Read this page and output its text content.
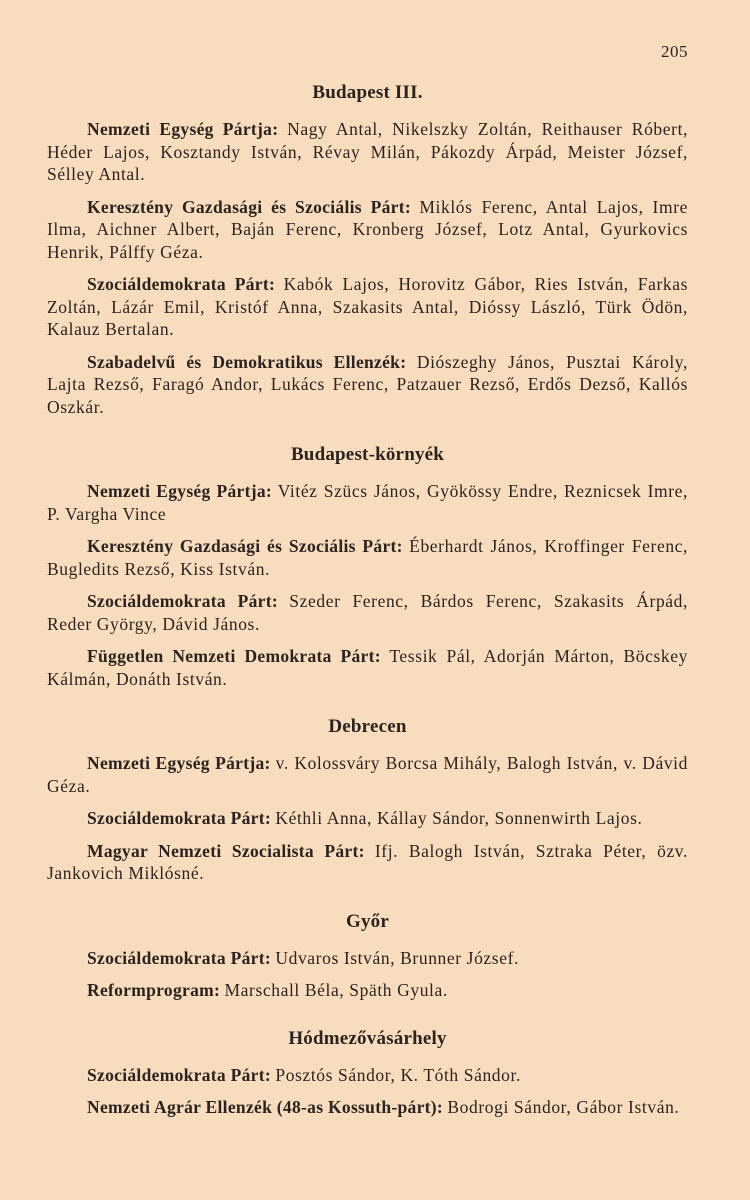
205
Budapest III.

Nemzeti Egység Pártja: Nagy Antal, Nikelszky Zoltán, Reithauser Róbert, Héder Lajos, Kosztandy István, Révay Milán, Pákozdy Árpád, Meister József, Sélley Antal.

Keresztény Gazdasági és Szociális Párt: Miklós Ferenc, Antal Lajos, Imre Ilma, Aichner Albert, Baján Ferenc, Kronberg József, Lotz Antal, Gyurkovics Henrik, Pálffy Géza.

Szociáldemokrata Párt: Kabók Lajos, Horovitz Gábor, Ries István, Farkas Zoltán, Lázár Emil, Kristóf Anna, Szakasits Antal, Dióssy László, Türk Ödön, Kalauz Bertalan.

Szabadelvű és Demokratikus Ellenzék: Diószeghy János, Pusztai Károly, Lajta Rezső, Faragó Andor, Lukács Ferenc, Patzauer Rezső, Erdős Dezső, Kallós Oszkár.

Budapest-környék

Nemzeti Egység Pártja: Vitéz Szücs János, Gyökössy Endre, Reznicsek Imre, P. Vargha Vince

Keresztény Gazdasági és Szociális Párt: Éberhardt János, Kroffinger Ferenc, Bugledits Rezső, Kiss István.

Szociáldemokrata Párt: Szeder Ferenc, Bárdos Ferenc, Szakasits Árpád, Reder György, Dávid János.

Független Nemzeti Demokrata Párt: Tessik Pál, Adorján Márton, Böcskey Kálmán, Donáth István.

Debrecen

Nemzeti Egység Pártja: v. Kolossváry Borcsa Mihály, Balogh István, v. Dávid Géza.

Szociáldemokrata Párt: Kéthli Anna, Kállay Sándor, Sonnenwirth Lajos.

Magyar Nemzeti Szocialista Párt: Ifj. Balogh István, Sztraka Péter, özv. Jankovich Miklósné.

Győr

Szociáldemokrata Párt: Udvaros István, Brunner József.

Reformprogram: Marschall Béla, Späth Gyula.

Hódmezővásárhely

Szociáldemokrata Párt: Posztós Sándor, K. Tóth Sándor.

Nemzeti Agrár Ellenzék (48-as Kossuth-párt): Bodrogi Sándor, Gábor István.
